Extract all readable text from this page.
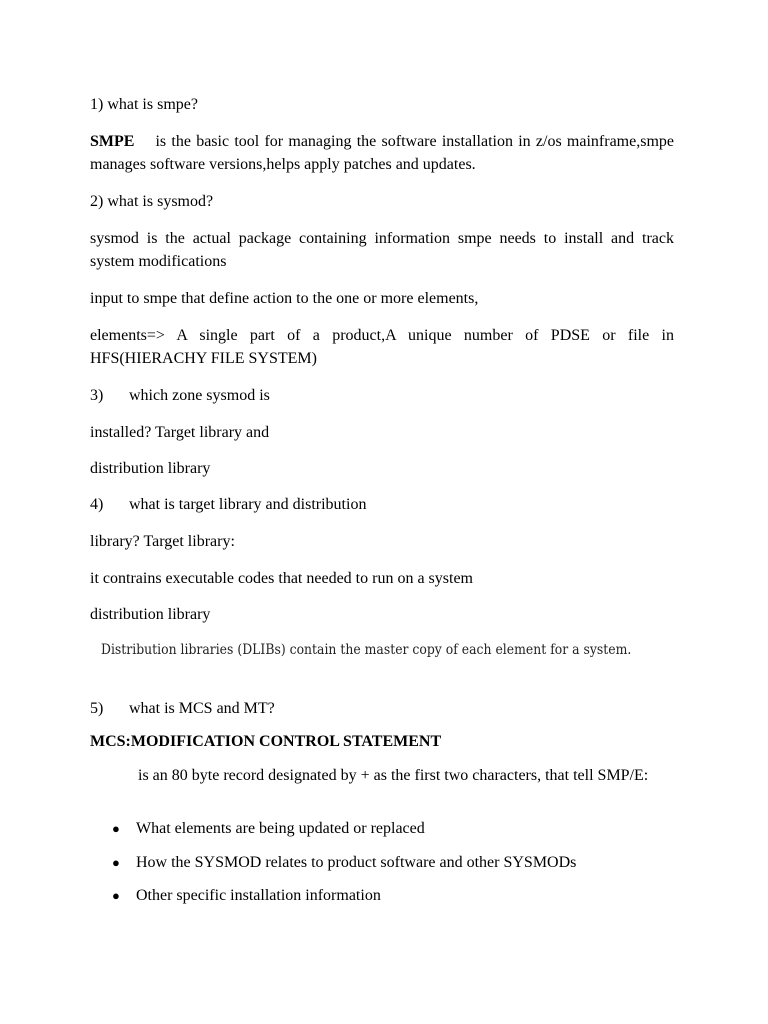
1) what is smpe?
SMPE is the basic tool for managing the software installation in z/os mainframe,smpe manages software versions,helps apply patches and updates.
2) what is sysmod?
sysmod is the actual package containing information smpe needs to install and track system modifications
input to smpe that define action to the one or more elements,
elements=> A single part of a product,A unique number of PDSE or file in HFS(HIERACHY FILE SYSTEM)
3) which zone sysmod is
installed? Target library and
distribution library
4) what is target library and distribution
library? Target library:
it contrains executable codes that needed to run on a system
distribution library
Distribution libraries (DLIBs) contain the master copy of each element for a system.
5) what is MCS and MT?
MCS:MODIFICATION CONTROL STATEMENT
is an 80 byte record designated by + as the first two characters, that tell SMP/E:
● What elements are being updated or replaced
● How the SYSMOD relates to product software and other SYSMODs
● Other specific installation information
